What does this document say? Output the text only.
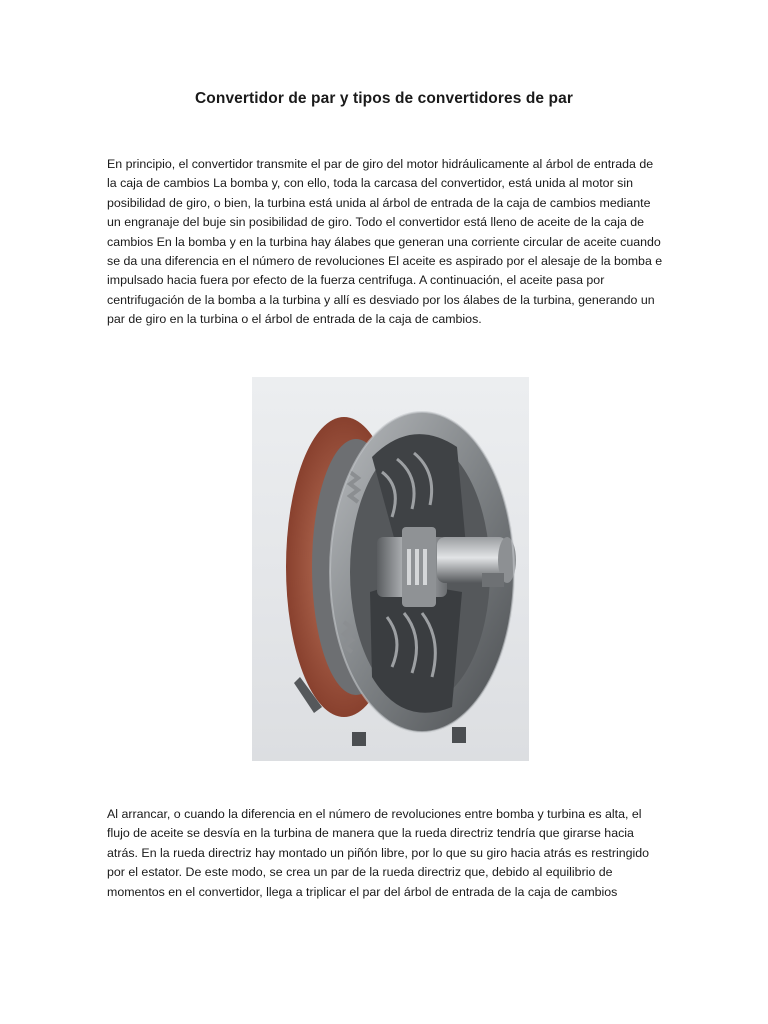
Convertidor de par y tipos de convertidores de par

En principio, el convertidor transmite el par de giro del motor hidráulicamente al árbol de entrada de la caja de cambios La bomba y, con ello, toda la carcasa del convertidor, está unida al motor sin posibilidad de giro, o bien, la turbina está unida al árbol de entrada de la caja de cambios mediante un engranaje del buje sin posibilidad de giro. Todo el convertidor está lleno de aceite de la caja de cambios En la bomba y en la turbina hay álabes que generan una corriente circular de aceite cuando se da una diferencia en el número de revoluciones El aceite es aspirado por el alesaje de la bomba e impulsado hacia fuera por efecto de la fuerza centrifuga. A continuación, el aceite pasa por centrifugación de la bomba a la turbina y allí es desviado por los álabes de la turbina, generando un par de giro en la turbina o el árbol de entrada de la caja de cambios.

Al arrancar, o cuando la diferencia en el número de revoluciones entre bomba y turbina es alta, el flujo de aceite se desvía en la turbina de manera que la rueda directriz tendría que girarse hacia atrás. En la rueda directriz hay montado un piñón libre, por lo que su giro hacia atrás es restringido por el estator. De este modo, se crea un par de la rueda directriz que, debido al equilibrio de momentos en el convertidor, llega a triplicar el par del árbol de entrada de la caja de cambios
